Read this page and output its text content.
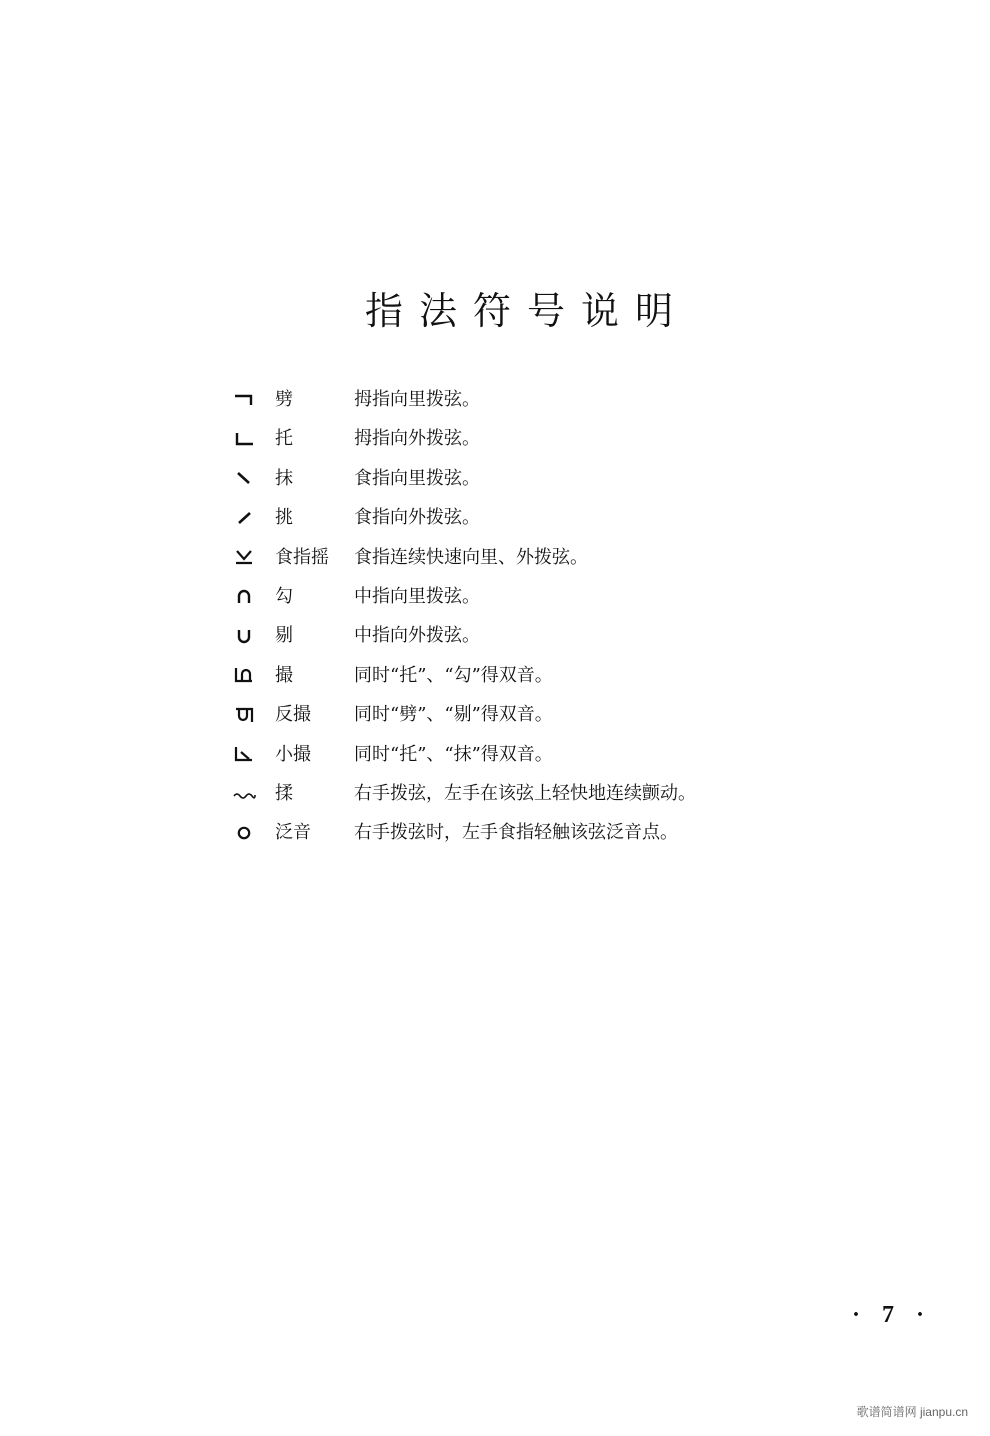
指法符号说明
劈	拇指向里拨弦。
托	拇指向外拨弦。
抹	食指向里拨弦。
挑	食指向外拨弦。
食指摇 食指连续快速向里、外拨弦。
勾	中指向里拨弦。
剔	中指向外拨弦。
撮	同时“托”、“勾”得双音。
反撮 同时“劈”、“剔”得双音。
小撮 同时“托”、“抹”得双音。
揉	右手拨弦，左手在该弦上轻快地连续颤动。
泛音 右手拨弦时，左手食指轻触该弦泛音点。
· 7 ·
歌谱简谱网 jianpu.cn
